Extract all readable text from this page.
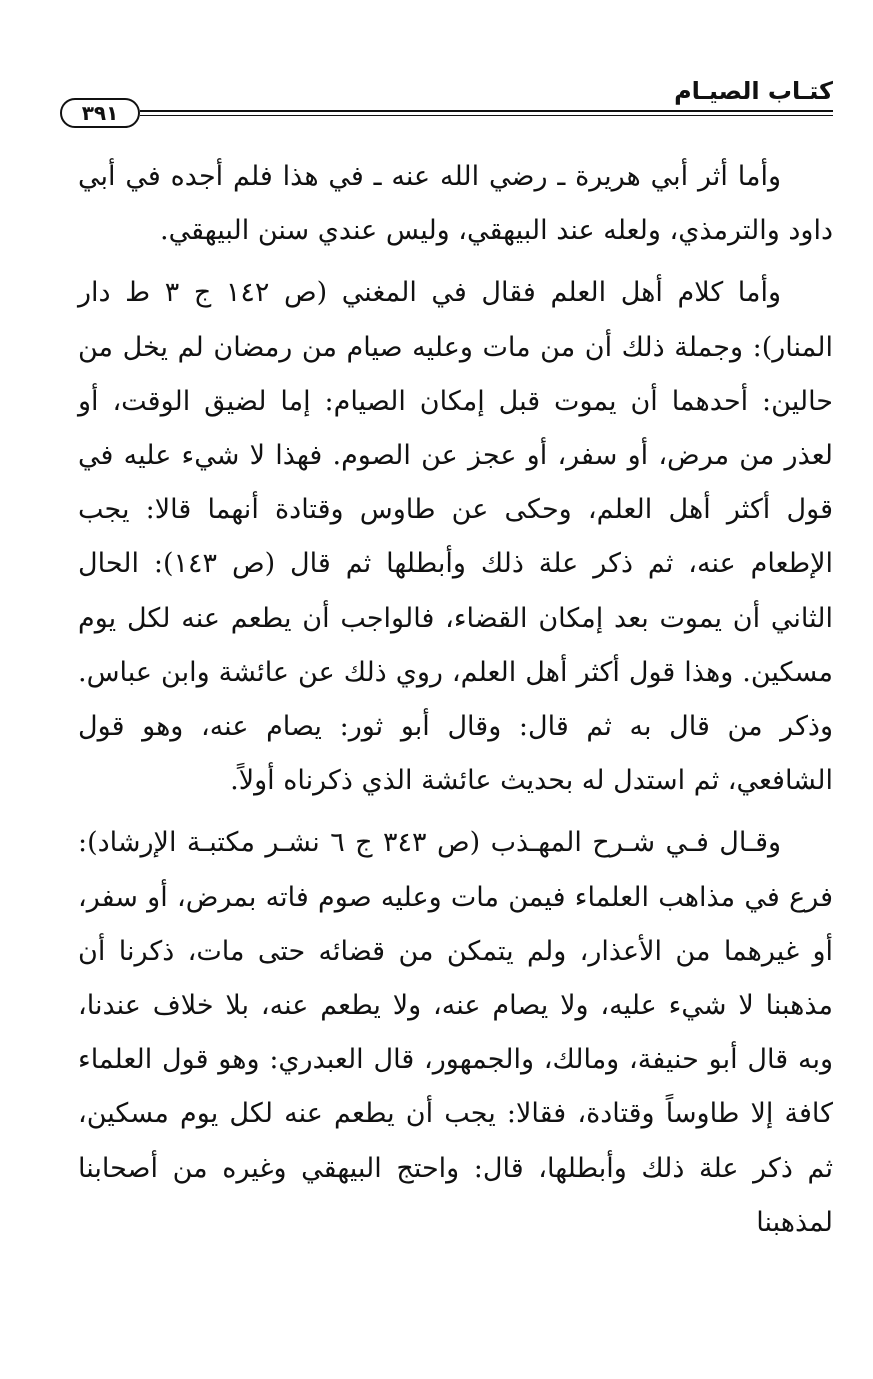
كتـاب الصيـام
٣٩١

وأما أثر أبي هريرة ـ رضي الله عنه ـ في هذا فلم أجده في أبي داود والترمذي، ولعله عند البيهقي، وليس عندي سنن البيهقي.

وأما كلام أهل العلم فقال في المغني (ص ١٤٢ ج ٣ ط دار المنار): وجملة ذلك أن من مات وعليه صيام من رمضان لم يخل من حالين: أحدهما أن يموت قبل إمكان الصيام: إما لضيق الوقت، أو لعذر من مرض، أو سفر، أو عجز عن الصوم. فهذا لا شيء عليه في قول أكثر أهل العلم، وحكى عن طاوس وقتادة أنهما قالا: يجب الإطعام عنه، ثم ذكر علة ذلك وأبطلها ثم قال (ص ١٤٣): الحال الثاني أن يموت بعد إمكان القضاء، فالواجب أن يطعم عنه لكل يوم مسكين. وهذا قول أكثر أهل العلم، روي ذلك عن عائشة وابن عباس. وذكر من قال به ثم قال: وقال أبو ثور: يصام عنه، وهو قول الشافعي، ثم استدل له بحديث عائشة الذي ذكرناه أولاً.

وقـال فـي شـرح المهـذب (ص ٣٤٣ ج ٦ نشـر مكتبـة الإرشاد): فرع في مذاهب العلماء فيمن مات وعليه صوم فاته بمرض، أو سفر، أو غيرهما من الأعذار، ولم يتمكن من قضائه حتى مات، ذكرنا أن مذهبنا لا شيء عليه، ولا يصام عنه، ولا يطعم عنه، بلا خلاف عندنا، وبه قال أبو حنيفة، ومالك، والجمهور، قال العبدري: وهو قول العلماء كافة إلا طاوساً وقتادة، فقالا: يجب أن يطعم عنه لكل يوم مسكين، ثم ذكر علة ذلك وأبطلها، قال: واحتج البيهقي وغيره من أصحابنا لمذهبنا
